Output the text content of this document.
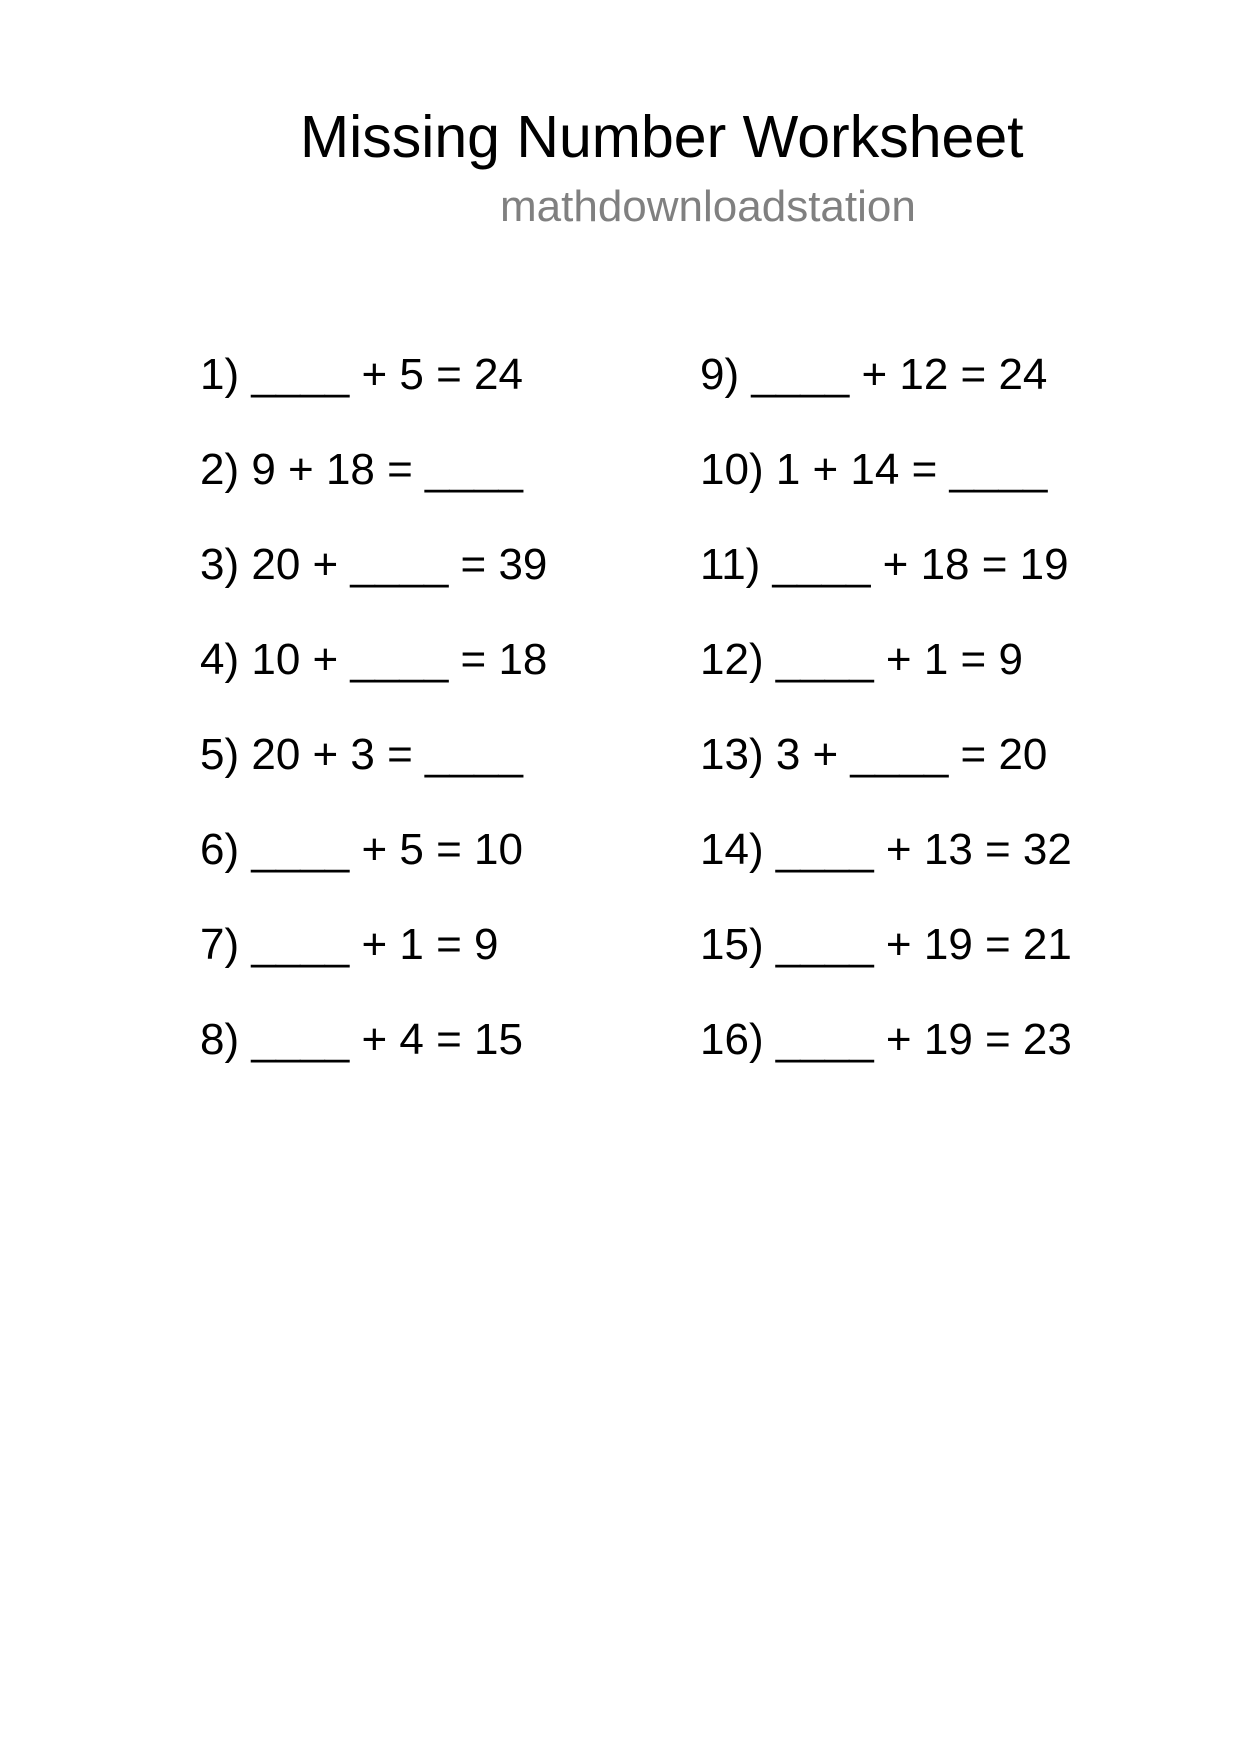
Missing Number Worksheet
mathdownloadstation
1) ____ + 5 = 24
2) 9 + 18 = ____
3) 20 + ____ = 39
4) 10 + ____ = 18
5) 20 + 3 = ____
6) ____ + 5 = 10
7) ____ + 1 = 9
8) ____ + 4 = 15
9) ____ + 12 = 24
10) 1 + 14 = ____
11) ____ + 18 = 19
12) ____ + 1 = 9
13) 3 + ____ = 20
14) ____ + 13 = 32
15) ____ + 19 = 21
16) ____ + 19 = 23
